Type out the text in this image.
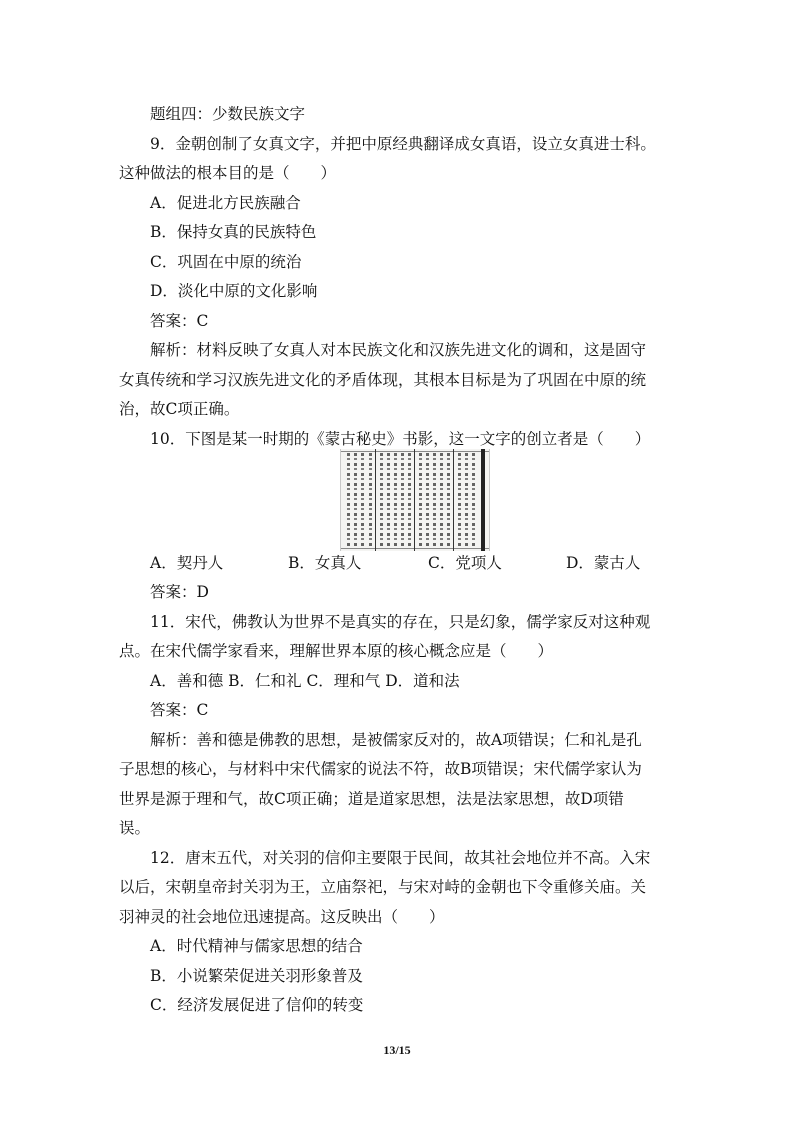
题组四：少数民族文字
9．金朝创制了女真文字，并把中原经典翻译成女真语，设立女真进士科。
这种做法的根本目的是（　　）
A．促进北方民族融合
B．保持女真的民族特色
C．巩固在中原的统治
D．淡化中原的文化影响
答案：C
解析：材料反映了女真人对本民族文化和汉族先进文化的调和，这是固守
女真传统和学习汉族先进文化的矛盾体现，其根本目标是为了巩固在中原的统
治，故C项正确。
10．下图是某一时期的《蒙古秘史》书影，这一文字的创立者是（　　）
A．契丹人	B．女真人	C．党项人	D．蒙古人
答案：D
11．宋代，佛教认为世界不是真实的存在，只是幻象，儒学家反对这种观
点。在宋代儒学家看来，理解世界本原的核心概念应是（　　）
A．善和德 B．仁和礼 C．理和气 D．道和法
答案：C
解析：善和德是佛教的思想，是被儒家反对的，故A项错误；仁和礼是孔
子思想的核心，与材料中宋代儒家的说法不符，故B项错误；宋代儒学家认为
世界是源于理和气，故C项正确；道是道家思想，法是法家思想，故D项错
误。
12．唐末五代，对关羽的信仰主要限于民间，故其社会地位并不高。入宋
以后，宋朝皇帝封关羽为王，立庙祭祀，与宋对峙的金朝也下令重修关庙。关
羽神灵的社会地位迅速提高。这反映出（　　）
A．时代精神与儒家思想的结合
B．小说繁荣促进关羽形象普及
C．经济发展促进了信仰的转变
13/15
